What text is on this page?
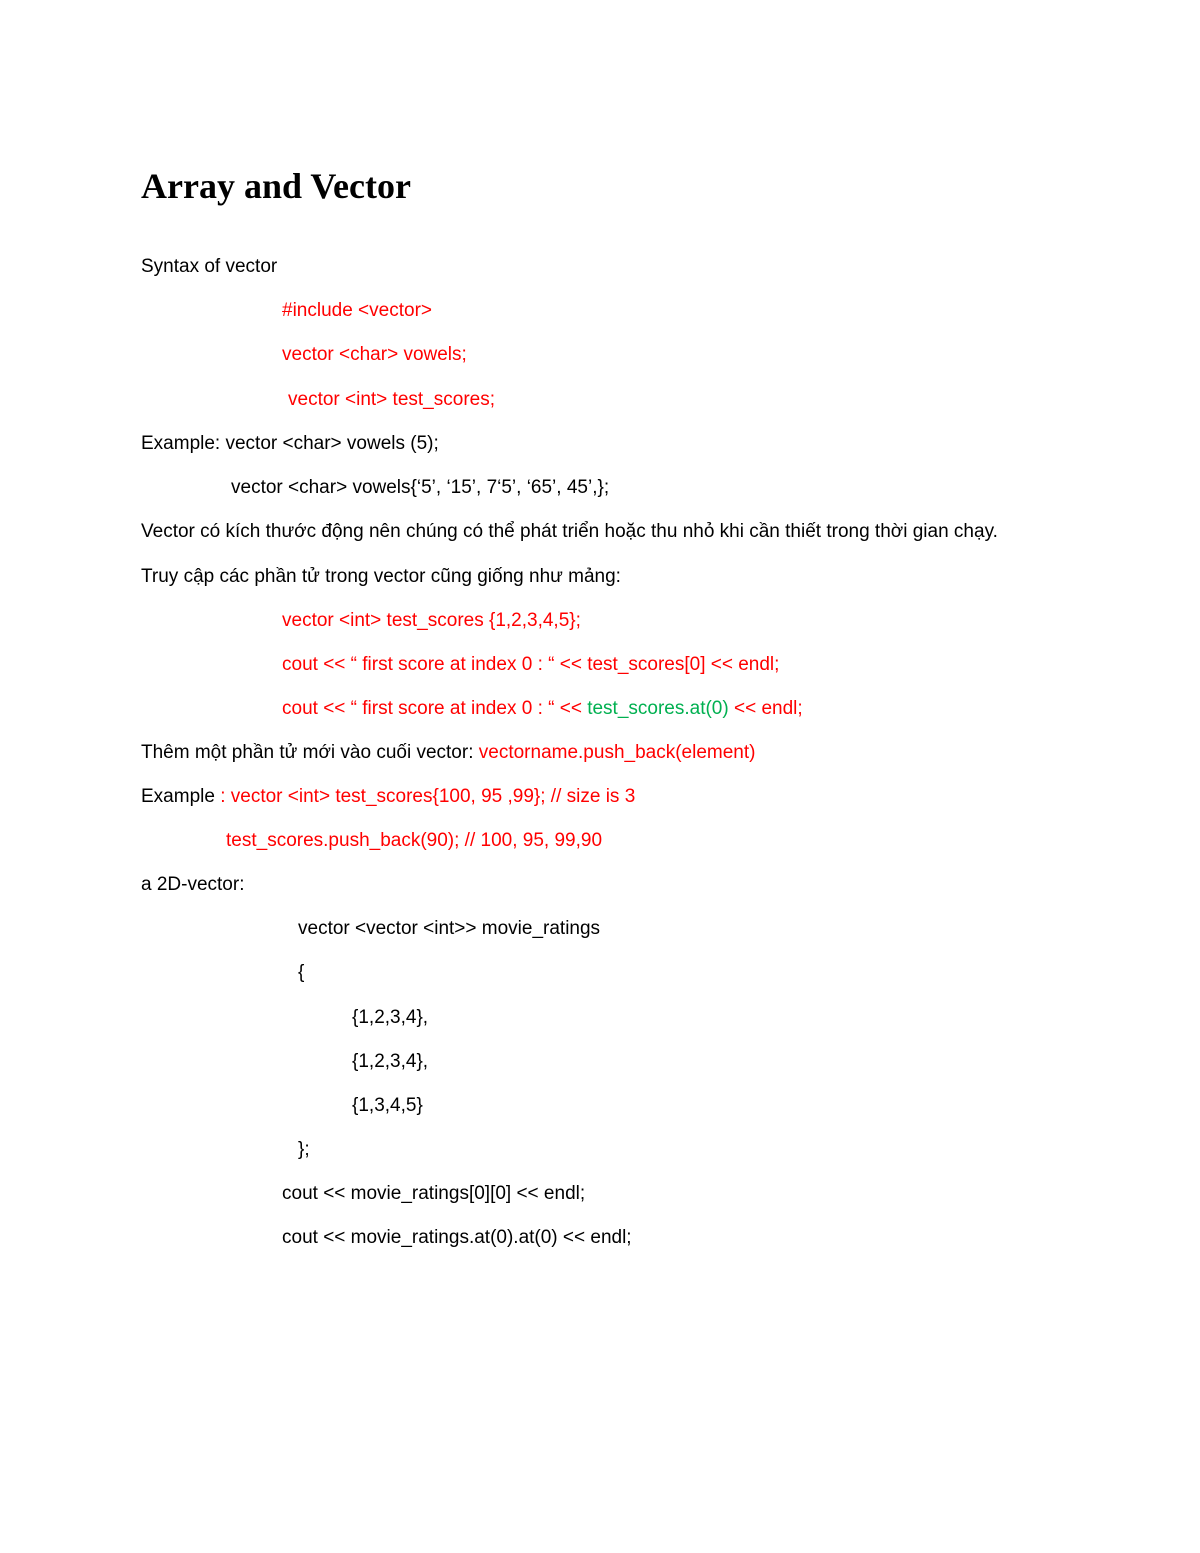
Array and Vector
Syntax of vector
#include <vector>
vector <char> vowels;
vector <int> test_scores;
Example: vector <char> vowels (5);
vector <char> vowels{‘5’, ‘15’, 7‘5’, ‘65’, 45’,};
Vector có kích thước động nên chúng có thể phát triển hoặc thu nhỏ khi cần thiết trong thời gian chạy.
Truy cập các phần tử trong vector cũng giống như mảng:
vector <int> test_scores {1,2,3,4,5};
cout << “ first score at index 0 : “ << test_scores[0] << endl;
cout << “ first score at index 0 : “ << test_scores.at(0) << endl;
Thêm một phần tử mới vào cuối vector: vectorname.push_back(element)
Example : vector <int> test_scores{100, 95 ,99}; // size is 3
test_scores.push_back(90); // 100, 95, 99,90
a 2D-vector:
vector <vector <int>> movie_ratings
{
{1,2,3,4},
{1,2,3,4},
{1,3,4,5}
};
cout << movie_ratings[0][0] << endl;
cout << movie_ratings.at(0).at(0) << endl;
